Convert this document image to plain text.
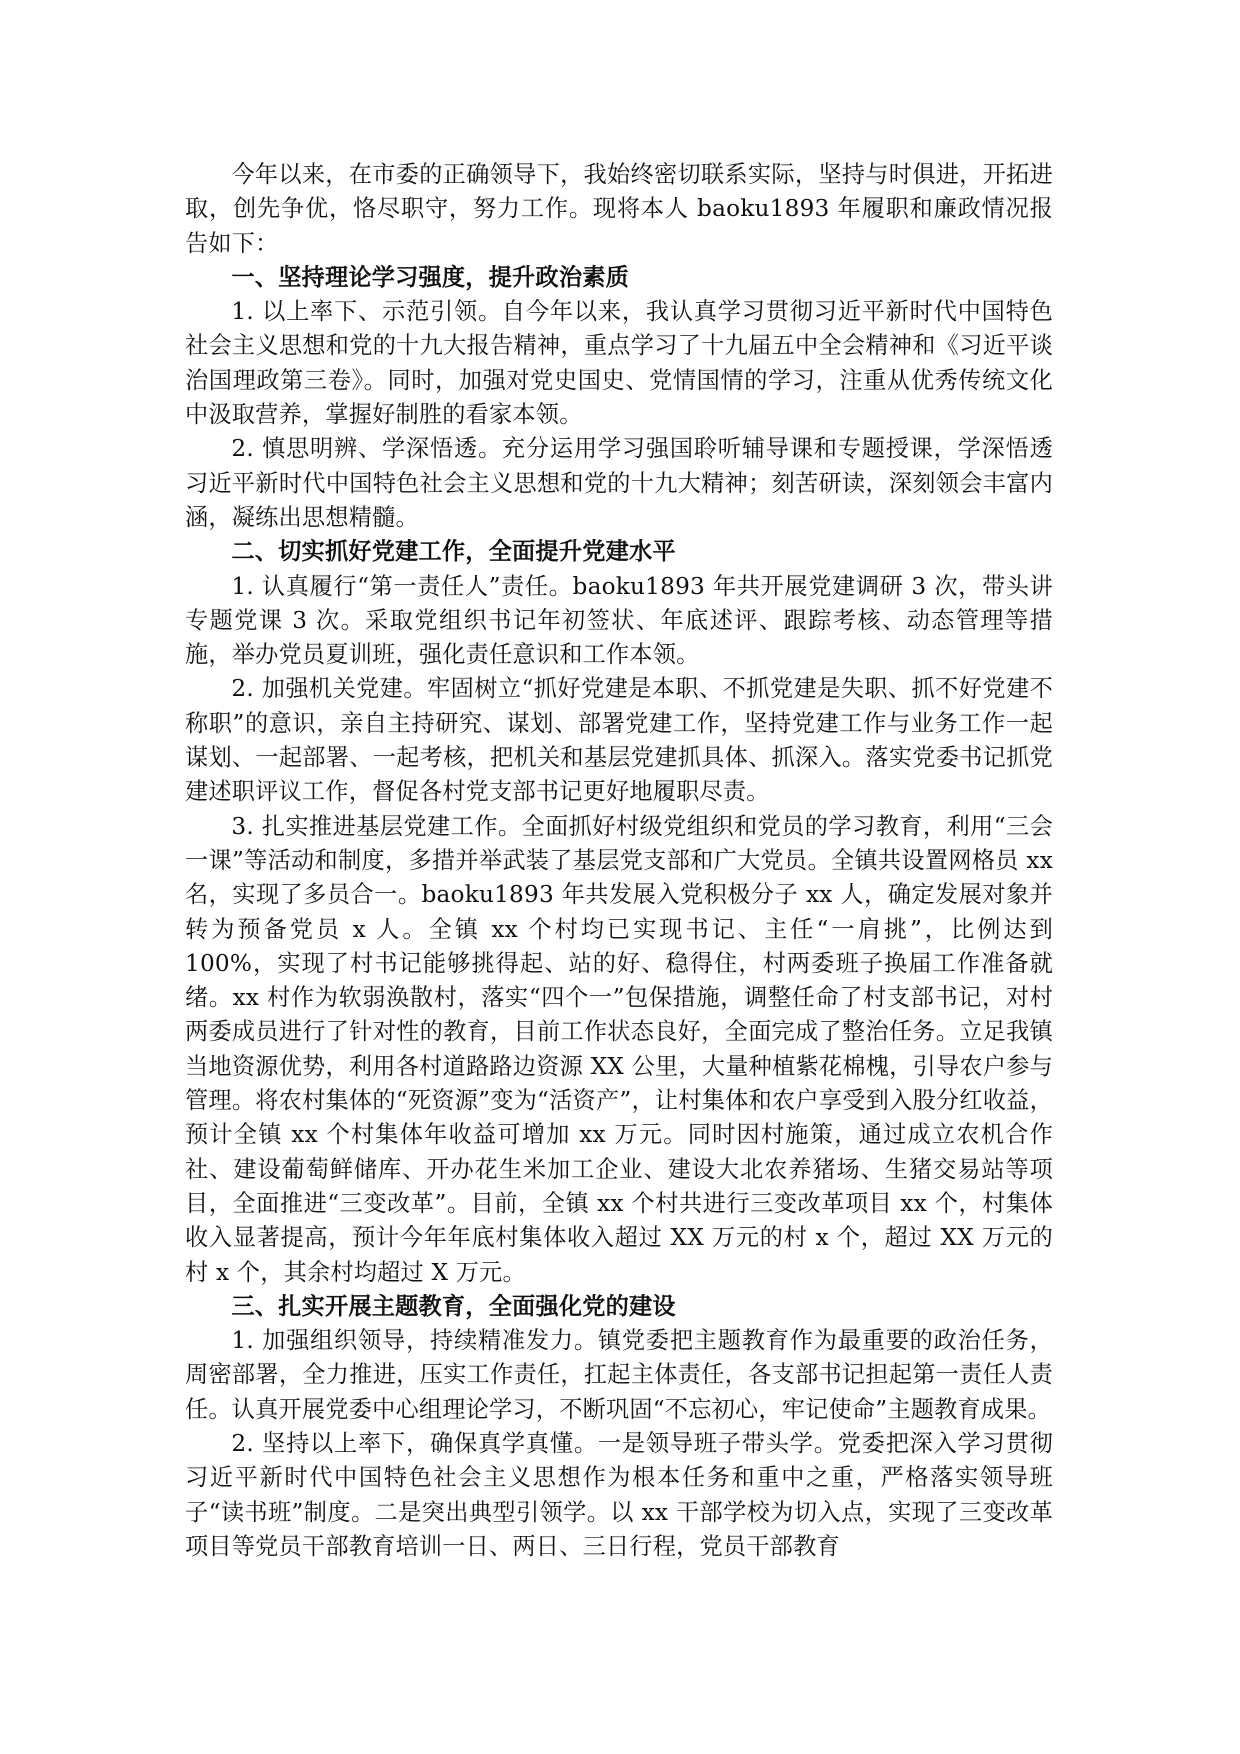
今年以来，在市委的正确领导下，我始终密切联系实际，坚持与时俱进，开拓进取，创先争优，恪尽职守，努力工作。现将本人 baoku1893 年履职和廉政情况报告如下：

一、坚持理论学习强度，提升政治素质

1. 以上率下、示范引领。自今年以来，我认真学习贯彻习近平新时代中国特色社会主义思想和党的十九大报告精神，重点学习了十九届五中全会精神和《习近平谈治国理政第三卷》。同时，加强对党史国史、党情国情的学习，注重从优秀传统文化中汲取营养，掌握好制胜的看家本领。

2. 慎思明辨、学深悟透。充分运用学习强国聆听辅导课和专题授课，学深悟透习近平新时代中国特色社会主义思想和党的十九大精神；刻苦研读，深刻领会丰富内涵，凝练出思想精髓。

二、切实抓好党建工作，全面提升党建水平

1. 认真履行“第一责任人”责任。baoku1893 年共开展党建调研 3 次，带头讲专题党课 3 次。采取党组织书记年初签状、年底述评、跟踪考核、动态管理等措施，举办党员夏训班，强化责任意识和工作本领。

2. 加强机关党建。牢固树立“抓好党建是本职、不抓党建是失职、抓不好党建不称职”的意识，亲自主持研究、谋划、部署党建工作，坚持党建工作与业务工作一起谋划、一起部署、一起考核，把机关和基层党建抓具体、抓深入。落实党委书记抓党建述职评议工作，督促各村党支部书记更好地履职尽责。

3. 扎实推进基层党建工作。全面抓好村级党组织和党员的学习教育，利用“三会一课”等活动和制度，多措并举武装了基层党支部和广大党员。全镇共设置网格员 xx 名，实现了多员合一。baoku1893 年共发展入党积极分子 xx 人，确定发展对象并转为预备党员 x 人。全镇 xx 个村均已实现书记、主任“一肩挑”，比例达到 100%，实现了村书记能够挑得起、站的好、稳得住，村两委班子换届工作准备就绪。xx 村作为软弱涣散村，落实“四个一”包保措施，调整任命了村支部书记，对村两委成员进行了针对性的教育，目前工作状态良好，全面完成了整治任务。立足我镇当地资源优势，利用各村道路路边资源 XX 公里，大量种植紫花棉槐，引导农户参与管理。将农村集体的“死资源”变为“活资产”，让村集体和农户享受到入股分红收益，预计全镇 xx 个村集体年收益可增加 xx 万元。同时因村施策，通过成立农机合作社、建设葡萄鲜储库、开办花生米加工企业、建设大北农养猪场、生猪交易站等项目，全面推进“三变改革”。目前，全镇 xx 个村共进行三变改革项目 xx 个，村集体收入显著提高，预计今年年底村集体收入超过 XX 万元的村 x 个，超过 XX 万元的村 x 个，其余村均超过 X 万元。

三、扎实开展主题教育，全面强化党的建设

1. 加强组织领导，持续精准发力。镇党委把主题教育作为最重要的政治任务，周密部署，全力推进，压实工作责任，扛起主体责任，各支部书记担起第一责任人责任。认真开展党委中心组理论学习，不断巩固“不忘初心，牢记使命”主题教育成果。

2. 坚持以上率下，确保真学真懂。一是领导班子带头学。党委把深入学习贯彻习近平新时代中国特色社会主义思想作为根本任务和重中之重，严格落实领导班子“读书班”制度。二是突出典型引领学。以 xx 干部学校为切入点，实现了三变改革项目等党员干部教育培训一日、两日、三日行程，党员干部教育
